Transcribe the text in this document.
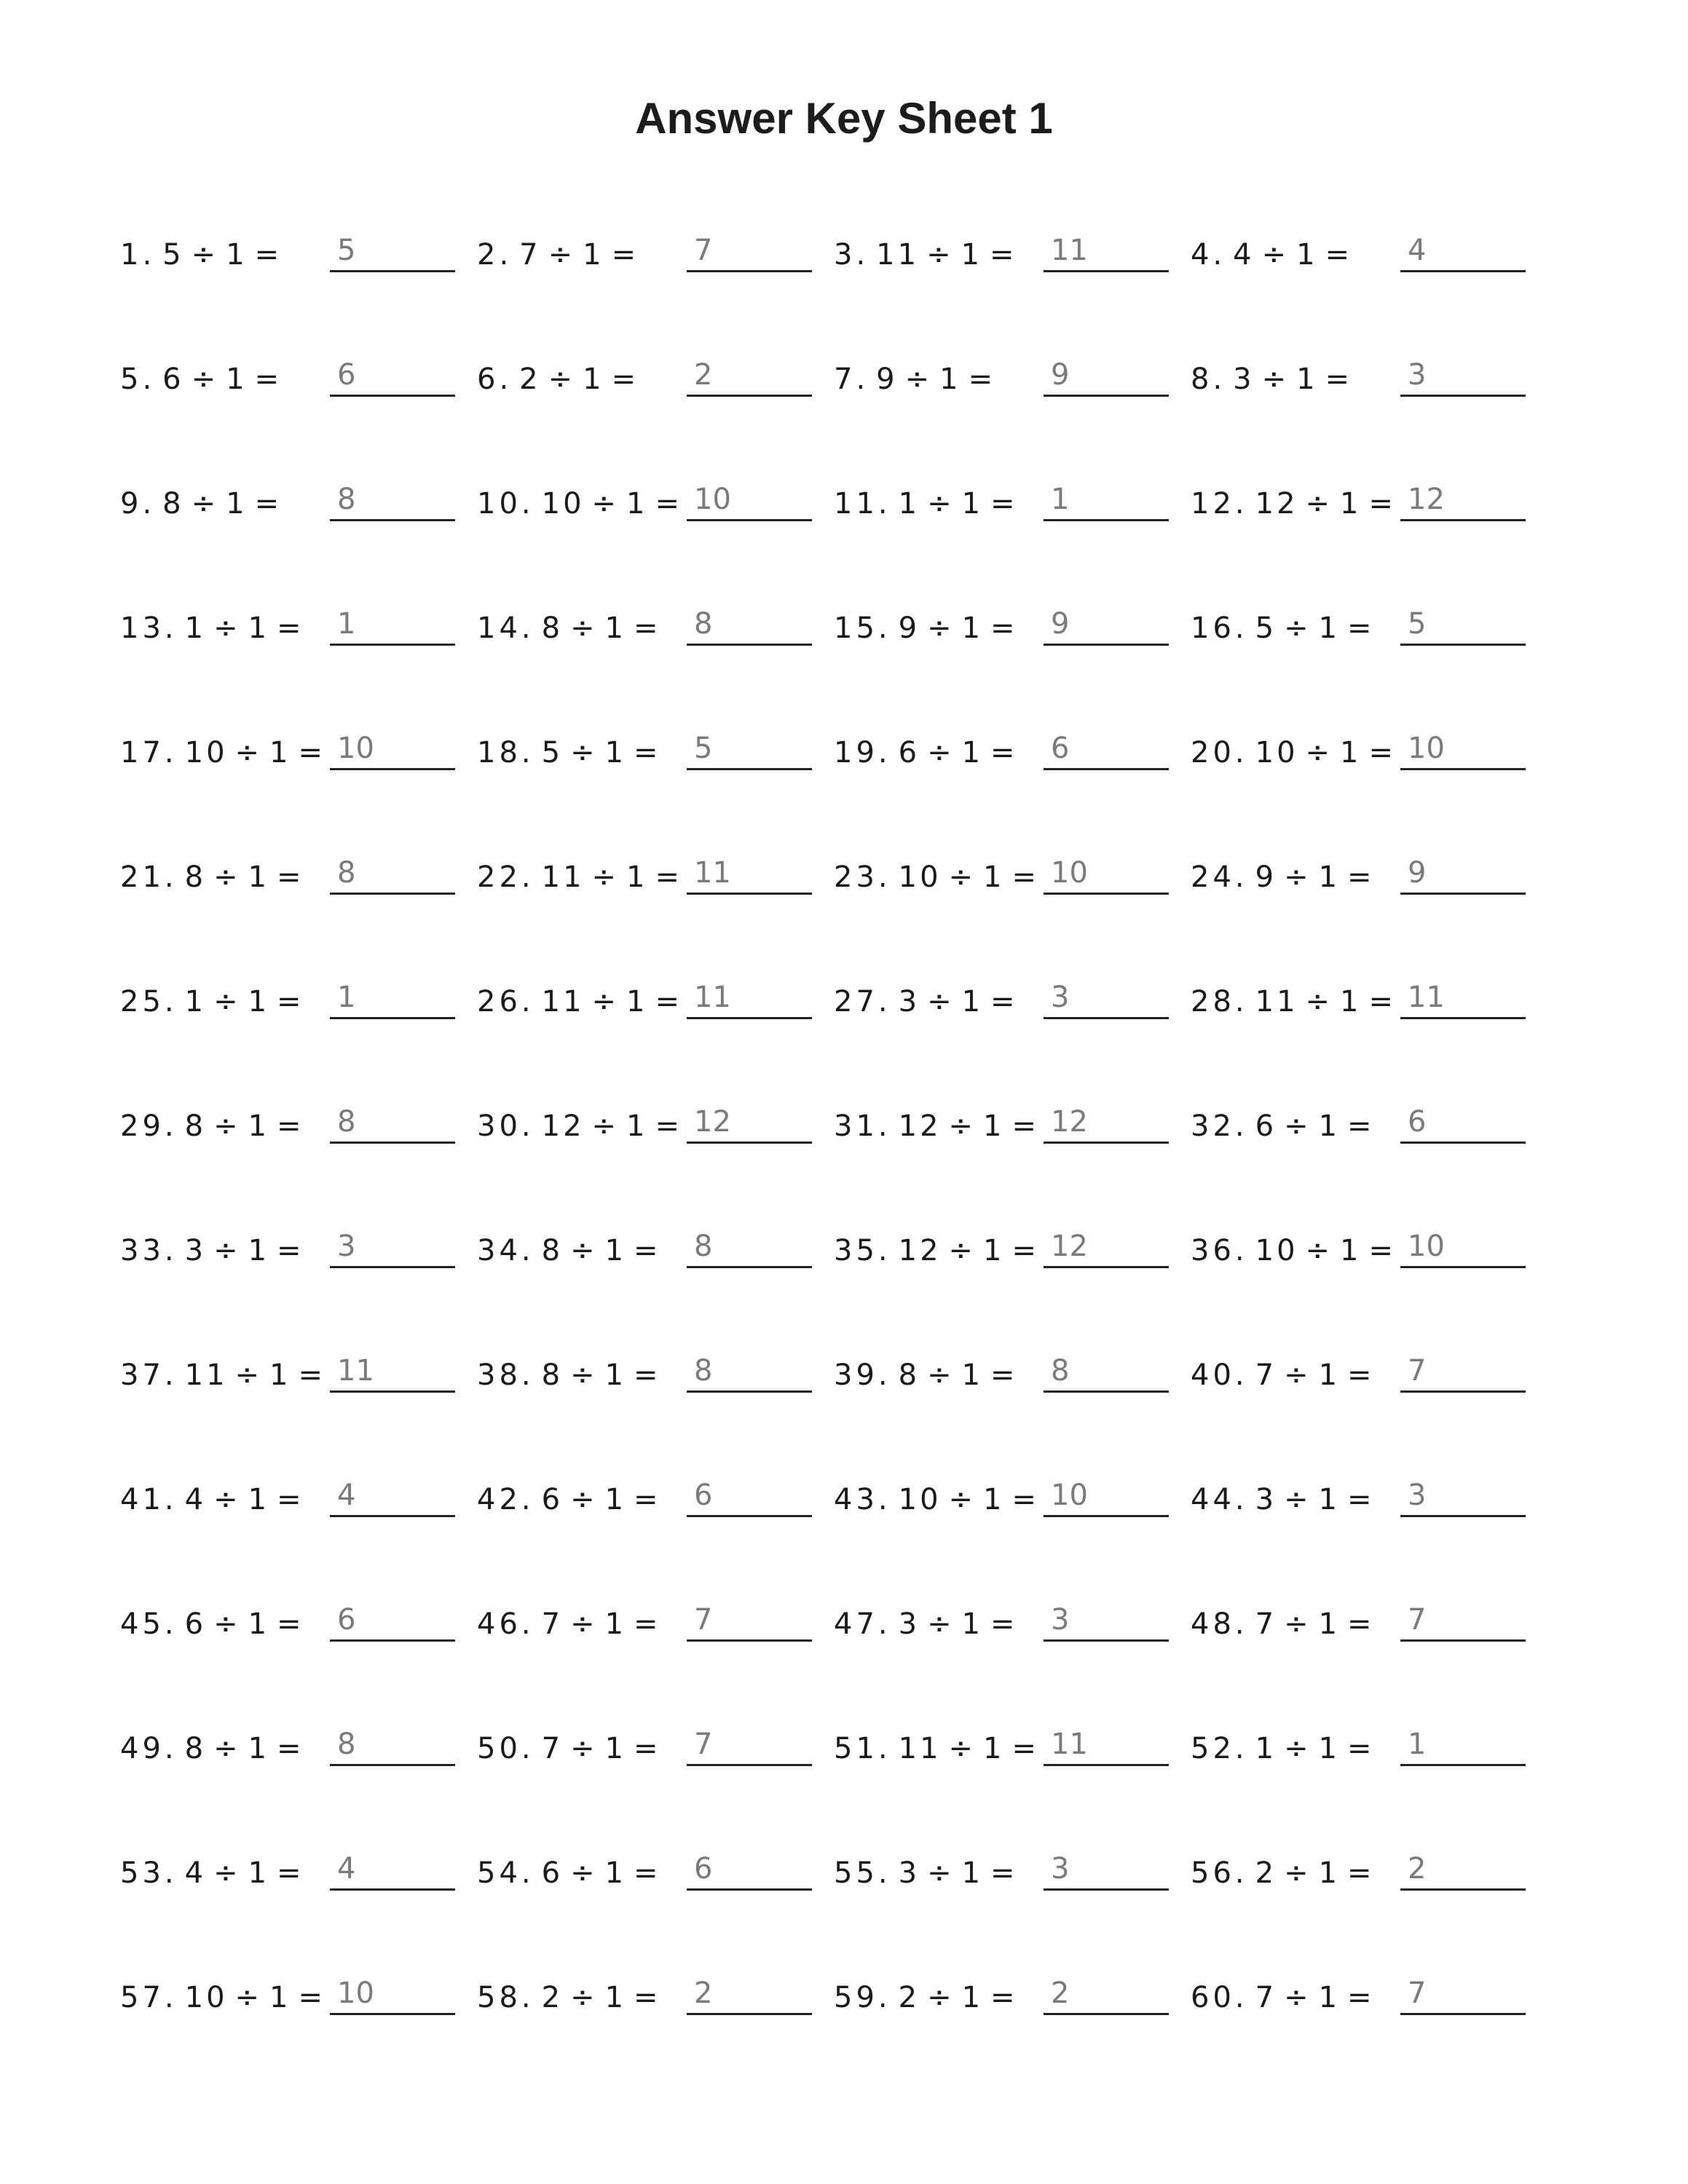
Answer Key Sheet 1
1. 5 ÷ 1 = 5	2. 7 ÷ 1 = 7	3. 11 ÷ 1 = 11	4. 4 ÷ 1 = 4
5. 6 ÷ 1 = 6	6. 2 ÷ 1 = 2	7. 9 ÷ 1 = 9	8. 3 ÷ 1 = 3
9. 8 ÷ 1 = 8	10. 10 ÷ 1 = 10	11. 1 ÷ 1 = 1	12. 12 ÷ 1 = 12
13. 1 ÷ 1 = 1	14. 8 ÷ 1 = 8	15. 9 ÷ 1 = 9	16. 5 ÷ 1 = 5
17. 10 ÷ 1 = 10	18. 5 ÷ 1 = 5	19. 6 ÷ 1 = 6	20. 10 ÷ 1 = 10
21. 8 ÷ 1 = 8	22. 11 ÷ 1 = 11	23. 10 ÷ 1 = 10	24. 9 ÷ 1 = 9
25. 1 ÷ 1 = 1	26. 11 ÷ 1 = 11	27. 3 ÷ 1 = 3	28. 11 ÷ 1 = 11
29. 8 ÷ 1 = 8	30. 12 ÷ 1 = 12	31. 12 ÷ 1 = 12	32. 6 ÷ 1 = 6
33. 3 ÷ 1 = 3	34. 8 ÷ 1 = 8	35. 12 ÷ 1 = 12	36. 10 ÷ 1 = 10
37. 11 ÷ 1 = 11	38. 8 ÷ 1 = 8	39. 8 ÷ 1 = 8	40. 7 ÷ 1 = 7
41. 4 ÷ 1 = 4	42. 6 ÷ 1 = 6	43. 10 ÷ 1 = 10	44. 3 ÷ 1 = 3
45. 6 ÷ 1 = 6	46. 7 ÷ 1 = 7	47. 3 ÷ 1 = 3	48. 7 ÷ 1 = 7
49. 8 ÷ 1 = 8	50. 7 ÷ 1 = 7	51. 11 ÷ 1 = 11	52. 1 ÷ 1 = 1
53. 4 ÷ 1 = 4	54. 6 ÷ 1 = 6	55. 3 ÷ 1 = 3	56. 2 ÷ 1 = 2
57. 10 ÷ 1 = 10	58. 2 ÷ 1 = 2	59. 2 ÷ 1 = 2	60. 7 ÷ 1 = 7
